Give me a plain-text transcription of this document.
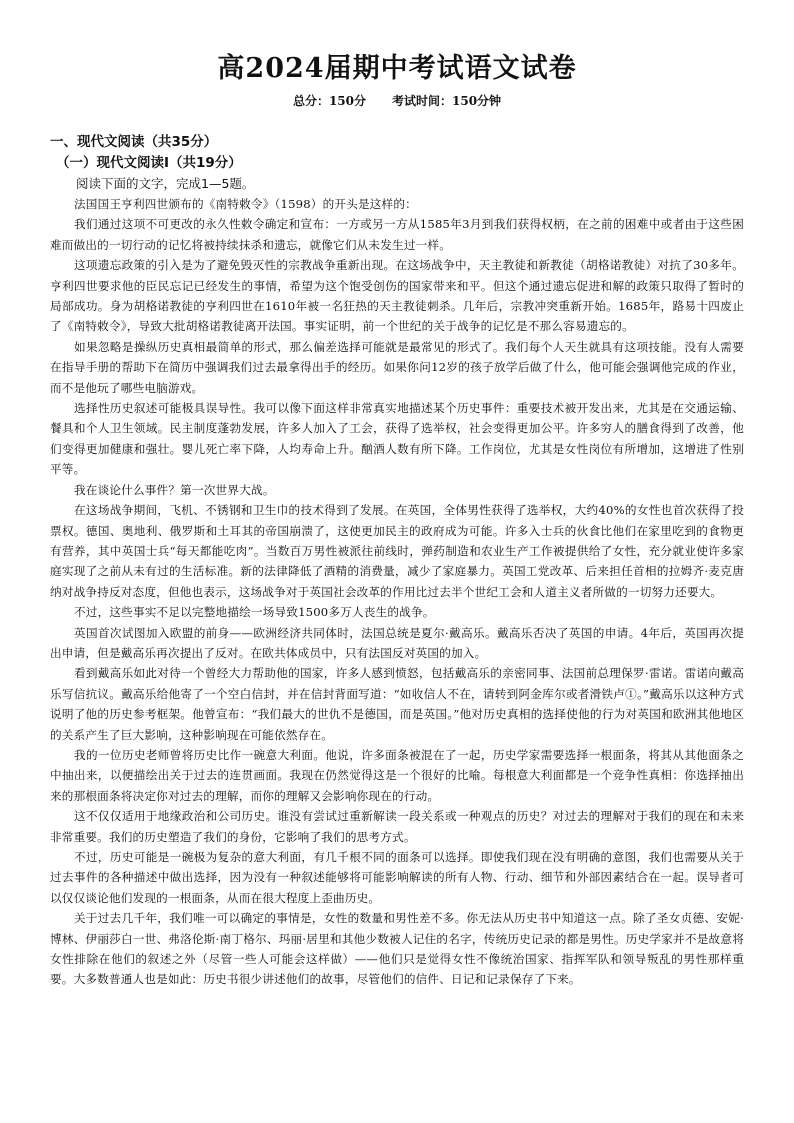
高2024届期中考试语文试卷
总分：150分 考试时间：150分钟
一、现代文阅读（共35分）
（一）现代文阅读Ⅰ（共19分）

阅读下面的文字，完成1—5题。

法国国王亨利四世颁布的《南特敕令》（1598）的开头是这样的：

我们通过这项不可更改的永久性敕令确定和宣布：一方或另一方从1585年3月到我们获得权柄，在之前的困难中或者由于这些困难而做出的一切行动的记忆将被持续抹杀和遗忘，就像它们从未发生过一样。

这项遗忘政策的引入是为了避免毁灭性的宗教战争重新出现。在这场战争中，天主教徒和新教徒（胡格诺教徒）对抗了30多年。亨利四世要求他的臣民忘记已经发生的事情，希望为这个饱受创伤的国家带来和平。但这个通过遗忘促进和解的政策只取得了暂时的局部成功。身为胡格诺教徒的亨利四世在1610年被一名狂热的天主教徒刺杀。几年后，宗教冲突重新开始。1685年，路易十四废止了《南特敕令》，导致大批胡格诺教徒离开法国。事实证明，前一个世纪的关于战争的记忆是不那么容易遗忘的。

如果忽略是操纵历史真相最简单的形式，那么偏差选择可能就是最常见的形式了。我们每个人天生就具有这项技能。没有人需要在指导手册的帮助下在简历中强调我们过去最拿得出手的经历。如果你问12岁的孩子放学后做了什么，他可能会强调他完成的作业，而不是他玩了哪些电脑游戏。

选择性历史叙述可能极具误导性。我可以像下面这样非常真实地描述某个历史事件：重要技术被开发出来，尤其是在交通运输、餐具和个人卫生领域。民主制度蓬勃发展，许多人加入了工会，获得了选举权，社会变得更加公平。许多穷人的膳食得到了改善，他们变得更加健康和强壮。婴儿死亡率下降，人均寿命上升。酗酒人数有所下降。工作岗位，尤其是女性岗位有所增加，这增进了性别平等。

我在谈论什么事件？第一次世界大战。

在这场战争期间，飞机、不锈钢和卫生巾的技术得到了发展。在英国，全体男性获得了选举权，大约40%的女性也首次获得了投票权。德国、奥地利、俄罗斯和土耳其的帝国崩溃了，这使更加民主的政府成为可能。许多入士兵的伙食比他们在家里吃到的食物更有营养，其中英国士兵“每天都能吃肉”。当数百万男性被派往前线时，弹药制造和农业生产工作被提供给了女性，充分就业使许多家庭实现了之前从未有过的生活标准。新的法律降低了酒精的消费量，减少了家庭暴力。英国工党改革、后来担任首相的拉姆齐·麦克唐纳对战争持反对态度，但他也表示，这场战争对于英国社会改革的作用比过去半个世纪工会和人道主义者所做的一切努力还要大。

不过，这些事实不足以完整地描绘一场导致1500多万人丧生的战争。

英国首次试图加入欧盟的前身——欧洲经济共同体时，法国总统是夏尔·戴高乐。戴高乐否决了英国的申请。4年后，英国再次提出申请，但是戴高乐再次提出了反对。在欧共体成员中，只有法国反对英国的加入。

看到戴高乐如此对待一个曾经大力帮助他的国家，许多人感到愤怒，包括戴高乐的亲密同事、法国前总理保罗·雷诺。雷诺向戴高乐写信抗议。戴高乐给他寄了一个空白信封，并在信封背面写道：“如收信人不在，请转到阿金库尔或者滑铁卢①。”戴高乐以这种方式说明了他的历史参考框架。他曾宣布：“我们最大的世仇不是德国，而是英国。”他对历史真相的选择使他的行为对英国和欧洲其他地区的关系产生了巨大影响，这种影响现在可能依然存在。

我的一位历史老师曾将历史比作一碗意大利面。他说，许多面条被混在了一起，历史学家需要选择一根面条，将其从其他面条之中抽出来，以便描绘出关于过去的连贯画面。我现在仍然觉得这是一个很好的比喻。每根意大利面都是一个竞争性真相：你选择抽出来的那根面条将决定你对过去的理解，而你的理解又会影响你现在的行动。

这不仅仅适用于地缘政治和公司历史。谁没有尝试过重新解读一段关系或一种观点的历史？对过去的理解对于我们的现在和未来非常重要。我们的历史塑造了我们的身份，它影响了我们的思考方式。

不过，历史可能是一碗极为复杂的意大利面，有几千根不同的面条可以选择。即使我们现在没有明确的意图，我们也需要从关于过去事件的各种描述中做出选择，因为没有一种叙述能够将可能影响解读的所有人物、行动、细节和外部因素结合在一起。误导者可以仅仅谈论他们发现的一根面条，从而在很大程度上歪曲历史。

关于过去几千年，我们唯一可以确定的事情是，女性的数量和男性差不多。你无法从历史书中知道这一点。除了圣女贞德、安妮·博林、伊丽莎白一世、弗洛伦斯·南丁格尔、玛丽·居里和其他少数被人记住的名字，传统历史记录的都是男性。历史学家并不是故意将女性排除在他们的叙述之外（尽管一些人可能会这样做）——他们只是觉得女性不像统治国家、指挥军队和领导叛乱的男性那样重要。大多数普通人也是如此：历史书很少讲述他们的故事，尽管他们的信件、日记和记录保存了下来。
